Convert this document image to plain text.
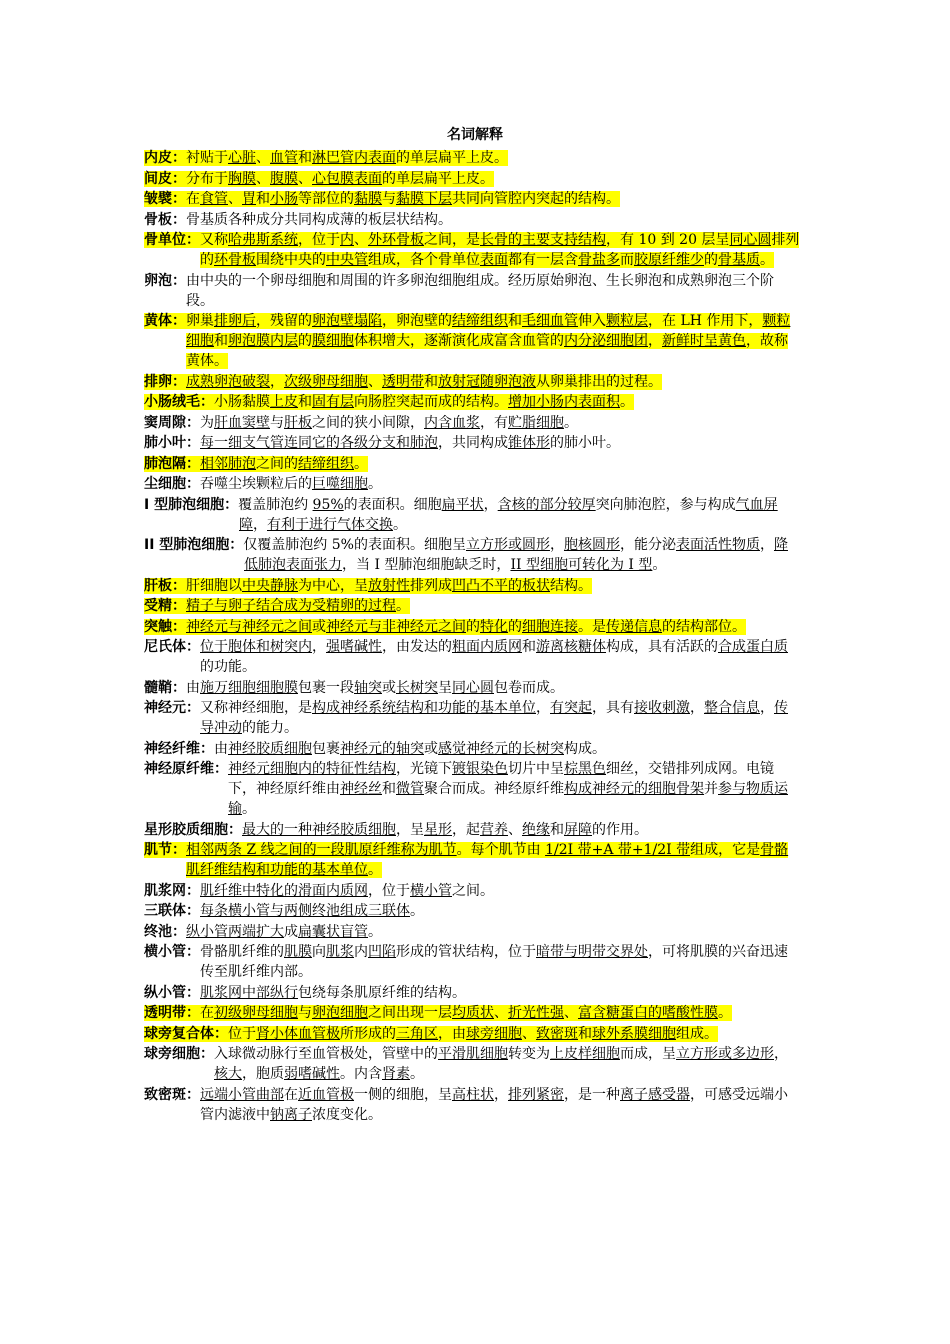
名词解释
内皮：衬贴于心脏、血管和淋巴管内表面的单层扁平上皮。
间皮：分布于胸膜、腹膜、心包膜表面的单层扁平上皮。
皱襞：在食管、胃和小肠等部位的黏膜与黏膜下层共同向管腔内突起的结构。
骨板：骨基质各种成分共同构成薄的板层状结构。
骨单位：又称哈弗斯系统，位于内、外环骨板之间，是长骨的主要支持结构，有 10 到 20 层呈同心圆排列的环骨板围绕中央的中央管组成，各个骨单位表面都有一层含骨盐多而胶原纤维少的骨基质。
卵泡：由中央的一个卵母细胞和周围的许多卵泡细胞组成。经历原始卵泡、生长卵泡和成熟卵泡三个阶段。
黄体：卵巢排卵后，残留的卵泡壁塌陷，卵泡壁的结缔组织和毛细血管伸入颗粒层，在 LH 作用下，颗粒细胞和卵泡膜内层的膜细胞体积增大，逐渐演化成富含血管的内分泌细胞团，新鲜时呈黄色，故称黄体。
排卵：成熟卵泡破裂，次级卵母细胞、透明带和放射冠随卵泡液从卵巢排出的过程。
小肠绒毛：小肠黏膜上皮和固有层向肠腔突起而成的结构。增加小肠内表面积。
窦周隙：为肝血窦壁与肝板之间的狭小间隙，内含血浆，有贮脂细胞。
肺小叶：每一细支气管连同它的各级分支和肺泡，共同构成锥体形的肺小叶。
肺泡隔：相邻肺泡之间的结缔组织。
尘细胞：吞噬尘埃颗粒后的巨噬细胞。
I 型肺泡细胞：覆盖肺泡约 95%的表面积。细胞扁平状，含核的部分较厚突向肺泡腔，参与构成气血屏障，有利于进行气体交换。
II 型肺泡细胞：仅覆盖肺泡约 5%的表面积。细胞呈立方形或圆形，胞核圆形，能分泌表面活性物质，降低肺泡表面张力，当 I 型肺泡细胞缺乏时，II 型细胞可转化为 I 型。
肝板：肝细胞以中央静脉为中心，呈放射性排列成凹凸不平的板状结构。
受精：精子与卵子结合成为受精卵的过程。
突触：神经元与神经元之间或神经元与非神经元之间的特化的细胞连接。是传递信息的结构部位。
尼氏体：位于胞体和树突内，强嗜碱性，由发达的粗面内质网和游离核糖体构成，具有活跃的合成蛋白质的功能。
髓鞘：由施万细胞细胞膜包裹一段轴突或长树突呈同心圆包卷而成。
神经元：又称神经细胞，是构成神经系统结构和功能的基本单位，有突起，具有接收刺激，整合信息，传导冲动的能力。
神经纤维：由神经胶质细胞包裹神经元的轴突或感觉神经元的长树突构成。
神经原纤维：神经元细胞内的特征性结构，光镜下镀银染色切片中呈棕黑色细丝，交错排列成网。电镜下，神经原纤维由神经丝和微管聚合而成。神经原纤维构成神经元的细胞骨架并参与物质运输。
星形胶质细胞：最大的一种神经胶质细胞，呈星形，起营养、绝缘和屏障的作用。
肌节：相邻两条 Z 线之间的一段肌原纤维称为肌节。每个肌节由 1/2I 带+A 带+1/2I 带组成，它是骨骼肌纤维结构和功能的基本单位。
肌浆网：肌纤维中特化的滑面内质网，位于横小管之间。
三联体：每条横小管与两侧终池组成三联体。
终池：纵小管两端扩大成扁囊状盲管。
横小管：骨骼肌纤维的肌膜向肌浆内凹陷形成的管状结构，位于暗带与明带交界处，可将肌膜的兴奋迅速传至肌纤维内部。
纵小管：肌浆网中部纵行包绕每条肌原纤维的结构。
透明带：在初级卵母细胞与卵泡细胞之间出现一层均质状、折光性强、富含糖蛋白的嗜酸性膜。
球旁复合体：位于肾小体血管极所形成的三角区，由球旁细胞、致密斑和球外系膜细胞组成。
球旁细胞：入球微动脉行至血管极处，管壁中的平滑肌细胞转变为上皮样细胞而成，呈立方形或多边形，核大，胞质弱嗜碱性。内含肾素。
致密斑：远端小管曲部在近血管极一侧的细胞，呈高柱状，排列紧密，是一种离子感受器，可感受远端小管内滤液中钠离子浓度变化。
